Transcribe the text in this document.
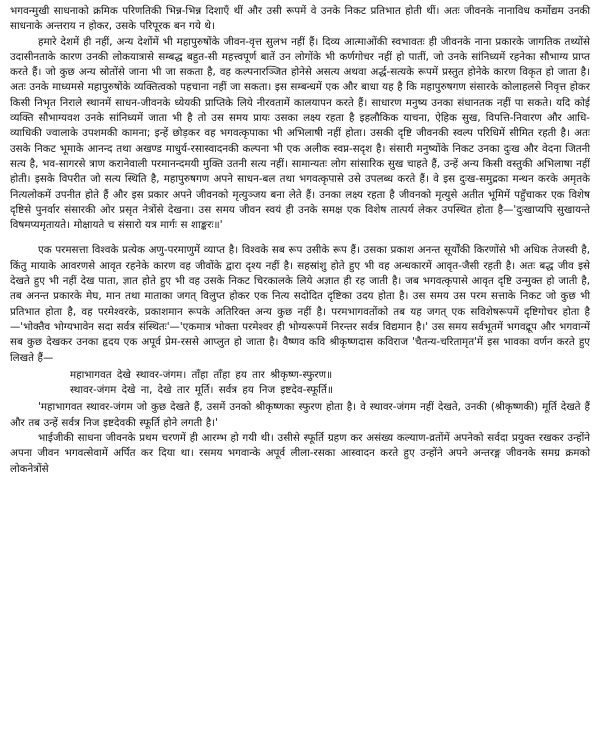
भगवन्मुखी साधनाको क्रमिक परिणतिकी भिन्न-भिन्न दिशाएँ थीं और उसी रूपमें वे उनके निकट प्रतिभात होती थीं। अतः जीवनके नानाविध कर्मोद्यम उनकी साधनाके अन्तराय न होकर, उसके परिपूरक बन गये थे।

हमारे देशमें ही नहीं, अन्य देशोंमें भी महापुरुषोंके जीवन-वृत्त सुलभ नहीं हैं। दिव्य आत्माओंकी स्वभावतः ही जीवनके नाना प्रकारके जागतिक तथ्योंसे उदासीनताके कारण उनकी लोकयात्रासे सम्बद्ध बहुत-सी महत्त्वपूर्ण बातें उन लोगोंके भी कर्णगोचर नहीं हो पातीं, जो उनके सांनिध्यमें रहनेका सौभाग्य प्राप्त करते हैं। जो कुछ अन्य स्रोतोंसे जाना भी जा सकता है, वह कल्पनारञ्जित होनेसे असत्य अथवा अर्द्ध-सत्यके रूपमें प्रस्तुत होनेके कारण विकृत हो जाता है। अतः उनके माध्यमसे महापुरुषोंके व्यक्तित्वको पहचाना नहीं जा सकता। इस सम्बन्धमें एक और बाधा यह है कि महापुरुषगण संसारके कोलाहलसे निवृत्त होकर किसी निभृत निराले स्थानमें साधन-जीवनके ध्येयकी प्राप्तिके लिये नीरवतामें कालयापन करते हैं। साधारण मनुष्य उनका संधानतक नहीं पा सकते। यदि कोई व्यक्ति सौभाग्यवश उनके सांनिध्यमें जाता भी है तो उस समय प्रायः उसका लक्ष्य रहता है इहलौकिक याचना, ऐहिक सुख, विपत्ति-निवारण और आधि-व्याधिकी ज्वालाके उपशमकी कामना; इन्हें छोड़कर वह भगवत्कृपाका भी अभिलाषी नहीं होता। उसकी दृष्टि जीवनकी स्वल्प परिधिमें सीमित रहती है। अतः उसके निकट भूमाके आनन्द तथा अखण्ड माधुर्य-रसास्वादनकी कल्पना भी एक अलीक स्वप्न-सदृश है। संसारी मनुष्योंके निकट उनका दुःख और वेदना जितनी सत्य है, भव-सागरसे त्राण करानेवाली परमानन्दमयी मुक्ति उतनी सत्य नहीं। सामान्यतः लोग सांसारिक सुख चाहते हैं, उन्हें अन्य किसी वस्तुकी अभिलाषा नहीं होती। इसके विपरीत जो सत्य स्थिति है, महापुरुषगण अपने साधन-बल तथा भगवत्कृपासे उसे उपलब्ध करते हैं। वे इस दुःख-समुद्रका मन्थन करके अमृतके नित्यलोकमें उपनीत होते हैं और इस प्रकार अपने जीवनको मृत्युञ्जय बना लेते हैं। उनका लक्ष्य रहता है जीवनको मृत्युसे अतीत भूमिमें पहुँचाकर एक विशेष दृष्टिसे पुनर्वार संसारकी ओर प्रसृत नेत्रोंसे देखना। उस समय जीवन स्वयं ही उनके समक्ष एक विशेष तात्पर्य लेकर उपस्थित होता है—'दुःखाप्यपि सुखायन्ते विषमप्यमृतायते। मोक्षायते च संसारो यत्र मार्गः स शाङ्करः॥'

एक परमसत्ता विश्वके प्रत्येक अणु-परमाणुमें व्याप्त है। विश्वके सब रूप उसीके रूप हैं। उसका प्रकाश अनन्त सूर्योंकी किरणोंसे भी अधिक तेजस्वी है, किंतु मायाके आवरणसे आवृत रहनेके कारण वह जीवोंके द्वारा दृश्य नहीं है। सहस्रांशु होते हुए भी वह अन्धकारमें आवृत-जैसी रहती है। अतः बद्ध जीव इसे देखते हुए भी नहीं देख पाता, ज्ञात होते हुए भी वह उसके निकट चिरकालके लिये अज्ञात ही रह जाती है। जब भगवत्कृपासे आवृत दृष्टि उन्मुक्त हो जाती है, तब अनन्त प्रकारके मेघ, मान तथा माताका जगत् विलुप्त होकर एक नित्य सदोदित दृष्टिका उदय होता है। उस समय उस परम सत्ताके निकट जो कुछ भी प्रतिभात होता है, वह परमेश्वरके, प्रकाशमान रूपके अतिरिक्त अन्य कुछ नहीं है। परमभागवतोंको तब यह जगत् एक सविशेषरूपमें दृष्टिगोचर होता है—'भोक्तैव भोग्यभावेन सदा सर्वत्र संस्थितः'—'एकमात्र भोक्ता परमेश्वर ही भोग्यरूपमें निरन्तर सर्वत्र विद्यमान है।' उस समय सर्वभूतमें भगवद्रूप और भगवान्में सब कुछ देखकर उनका हृदय एक अपूर्व प्रेम-रससे आप्लुत हो जाता है। वैष्णव कवि श्रीकृष्णदास कविराज 'चैतन्य-चरितामृत'में इस भावका वर्णन करते हुए लिखते हैं—

महाभागवत देखे स्थावर-जंगम। ताँहा ताँहा हय तार श्रीकृष्ण-स्फुरण॥
स्थावर-जंगम देखे ना, देखे तार मूर्ति। सर्वत्र हय निज इष्टदेव-स्फूर्ति॥

'महाभागवत स्थावर-जंगम जो कुछ देखते हैं, उसमें उनको श्रीकृष्णका स्फुरण होता है। वे स्थावर-जंगम नहीं देखते, उनकी (श्रीकृष्णकी) मूर्ति देखते हैं और तब उन्हें सर्वत्र निज इष्टदेवकी स्फूर्ति होने लगती है।'

भाईजीकी साधना जीवनके प्रथम चरणमें ही आरम्भ हो गयी थी। उसीसे स्फूर्ति ग्रहण कर असंख्य कल्याण-व्रतोंमें अपनेको सर्वदा प्रयुक्त रखकर उन्होंने अपना जीवन भगवत्सेवामें अर्पित कर दिया था। रसमय भगवान्के अपूर्व लीला-रसका आस्वादन करते हुए उन्होंने अपने अन्तरङ्ग जीवनके समग्र क्रमको लोकनेत्रोंसे
